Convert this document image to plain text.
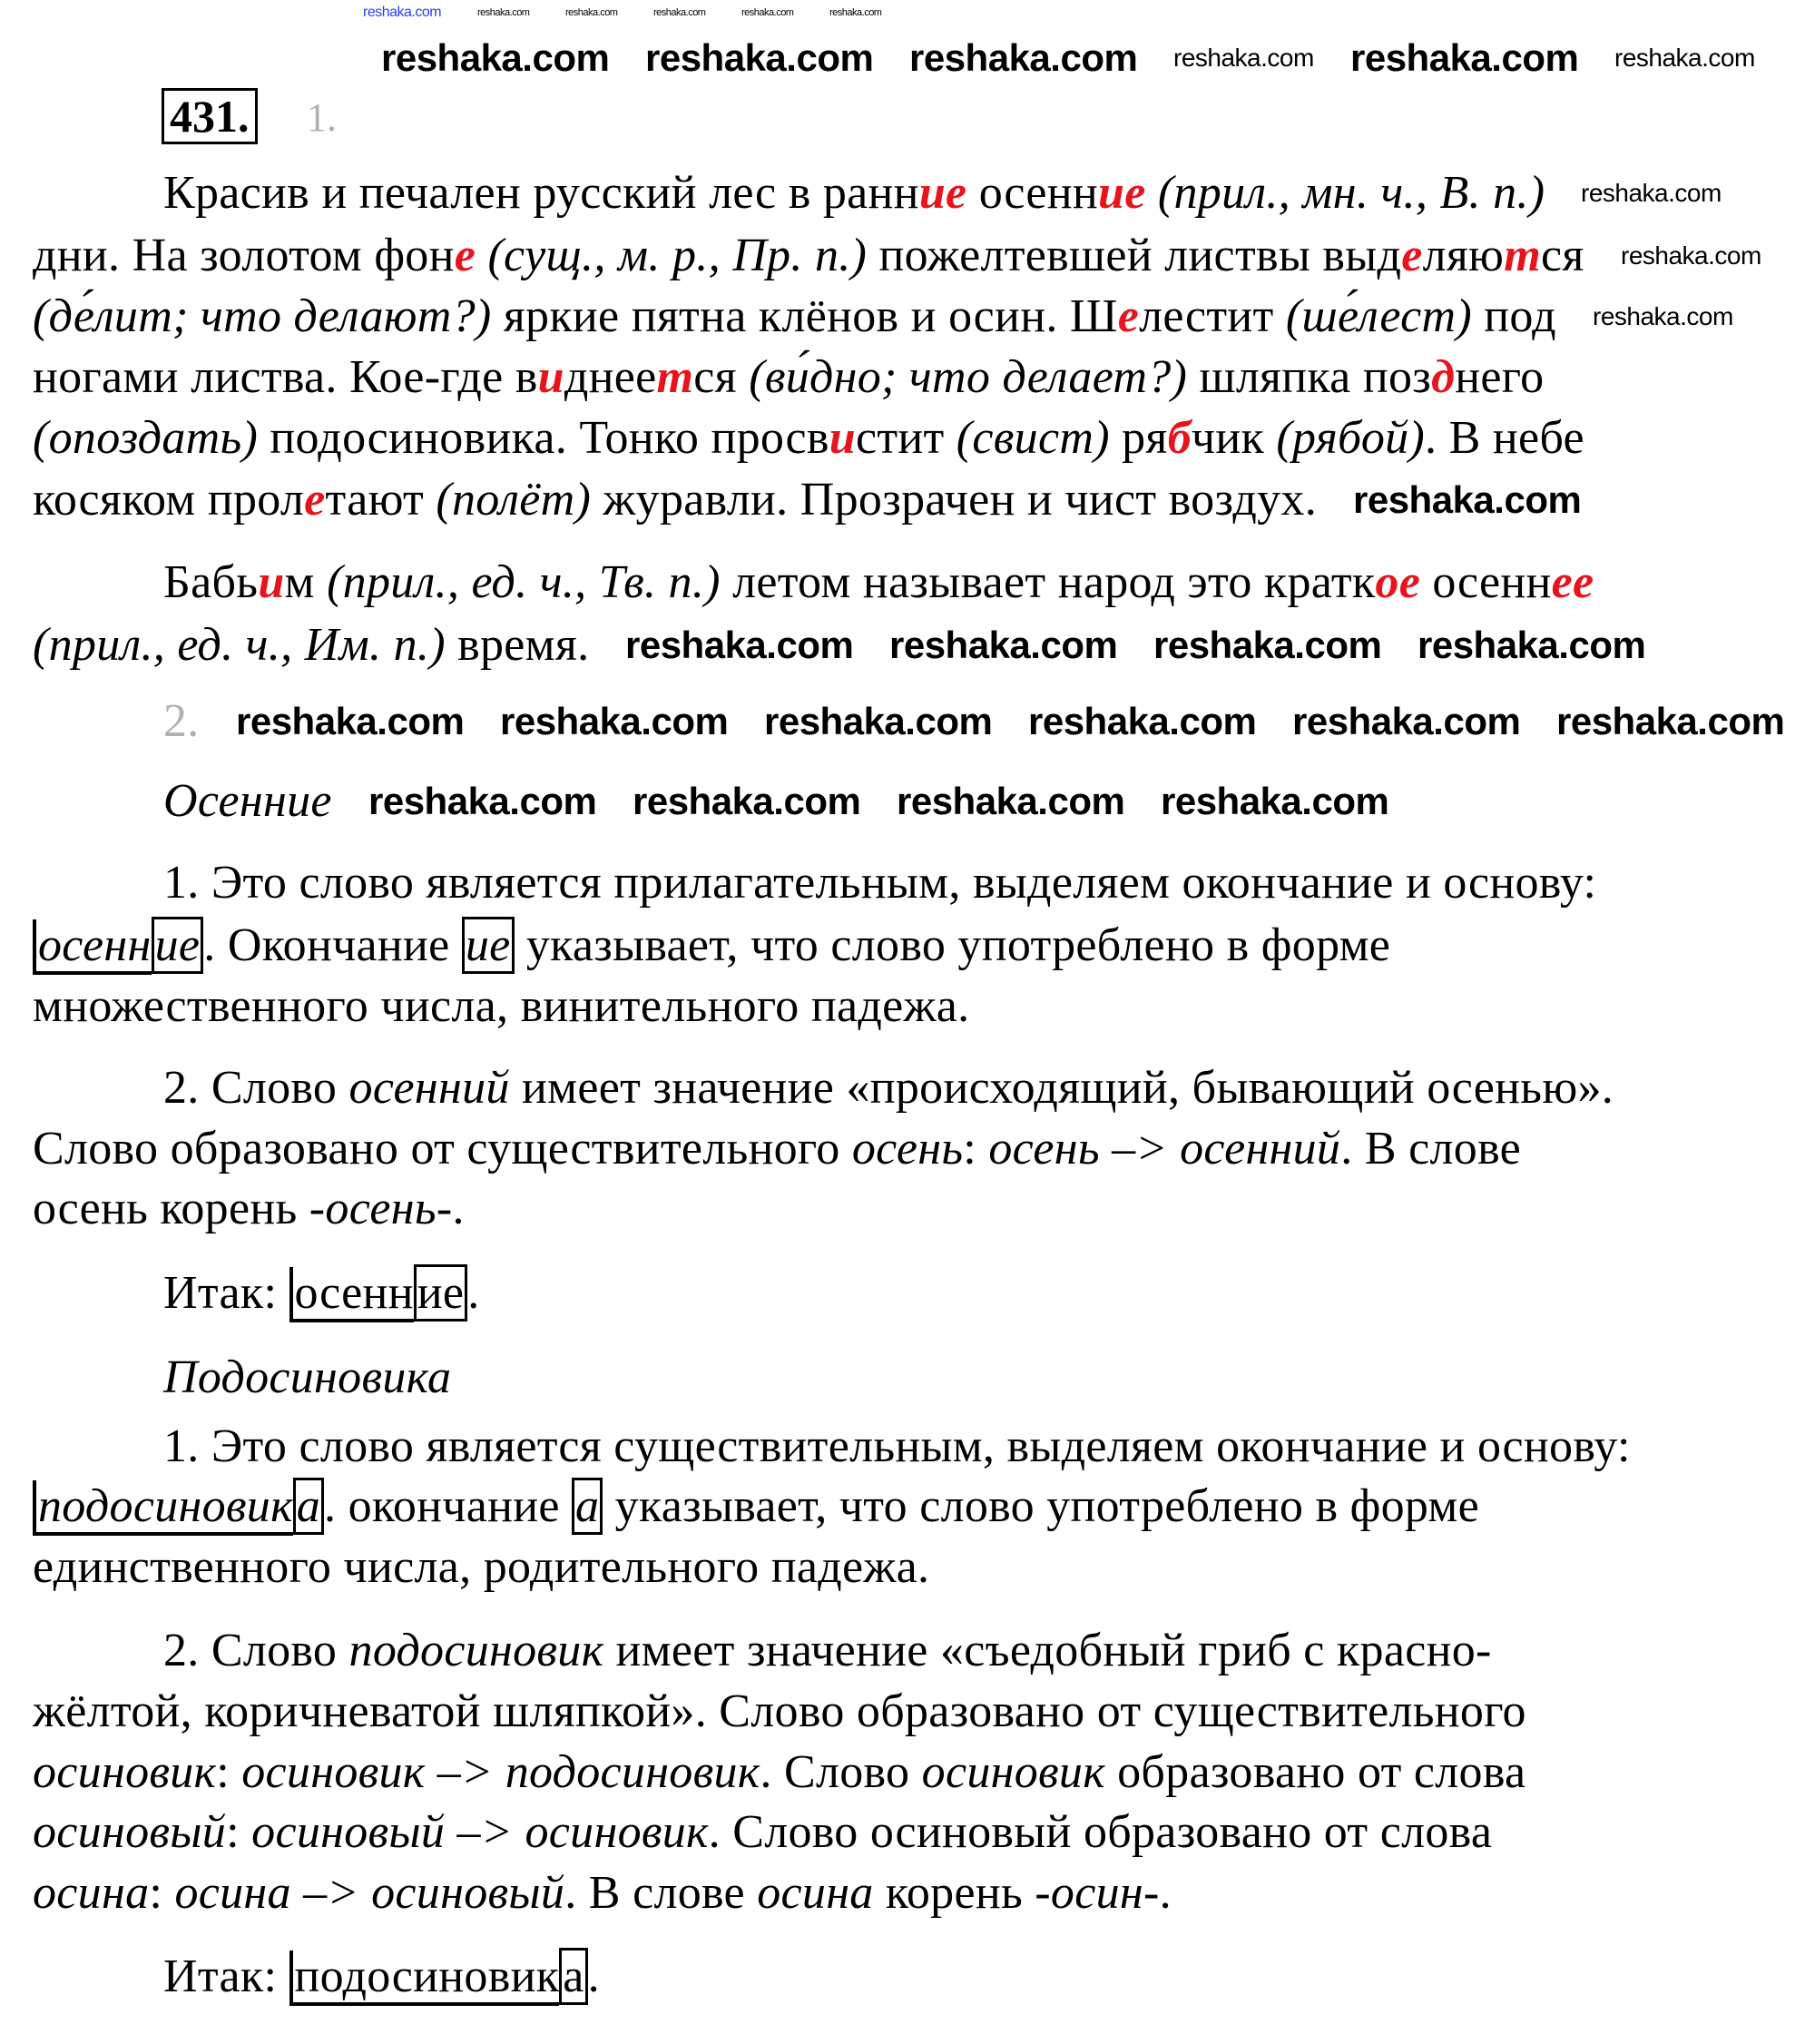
431. 1.
Красив и печален русский лес в ранние осенние (прил., мн. ч., В. п.)
дни. На золотом фоне (сущ., м. р., Пр. п.) пожелтевшей листвы выделяются
(де́лит; что делают?) яркие пятна клёнов и осин. Шелестит (ше́лест) под
ногами листва. Кое-где виднеется (ви́дно; что делает?) шляпка позднего
(опоздать) подосиновика. Тонко просвистит (свист) рябчик (рябой). В небе
косяком пролетают (полёт) журавли. Прозрачен и чист воздух.
Бабьим (прил., ед. ч., Тв. п.) летом называет народ это краткое осеннее
(прил., ед. ч., Им. п.) время.
2.
Осенние
1. Это слово является прилагательным, выделяем окончание и основу:
осенние. Окончание ие указывает, что слово употреблено в форме
множественного числа, винительного падежа.
2. Слово осенний имеет значение «происходящий, бывающий осенью».
Слово образовано от существительного осень: осень –> осенний. В слове
осень корень -осень-.
Итак: осенние.
Подосиновика
1. Это слово является существительным, выделяем окончание и основу:
подосиновика. окончание а указывает, что слово употреблено в форме
единственного числа, родительного падежа.
2. Слово подосиновик имеет значение «съедобный гриб с красно-
жёлтой, коричневатой шляпкой». Слово образовано от существительного
осиновик: осиновик –> подосиновик. Слово осиновик образовано от слова
осиновый: осиновый –> осиновик. Слово осиновый образовано от слова
осина: осина –> осиновый. В слове осина корень -осин-.
Итак: подосиновика.
reshaka.com
reshaka.com reshaka.com reshaka.com reshaka.com reshaka.com
reshaka.com
reshaka.com reshaka.com reshaka.com reshaka.com
reshaka.com reshaka.com
reshaka.com	reshaka.com
reshaka.com reshaka.com reshaka.com reshaka.com
reshaka.com
reshaka.com
reshaka.com	reshaka.com
reshaka.com reshaka.com
reshaka.com
reshaka.com
reshaka.com
reshaka.com
reshaka.com
